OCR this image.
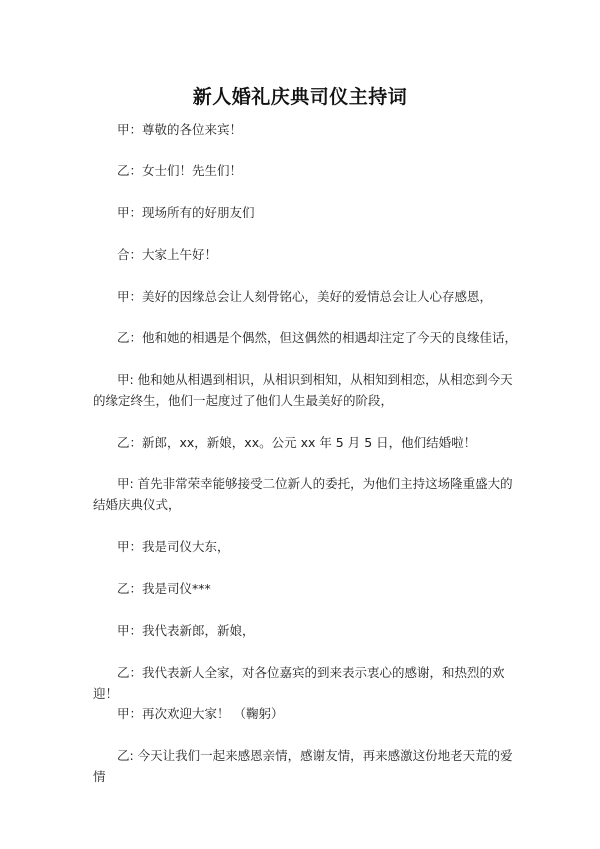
新人婚礼庆典司仪主持词

甲：尊敬的各位来宾！

乙：女士们！先生们！

甲：现场所有的好朋友们

合：大家上午好！

甲：美好的因缘总会让人刻骨铭心，美好的爱情总会让人心存感恩，

乙：他和她的相遇是个偶然，但这偶然的相遇却注定了今天的良缘佳话，

甲: 他和她从相遇到相识，从相识到相知，从相知到相恋，从相恋到今天的缘定终生，他们一起度过了他们人生最美好的阶段，

乙：新郎，xx，新娘，xx。公元 xx 年 5 月 5 日，他们结婚啦！

甲: 首先非常荣幸能够接受二位新人的委托，为他们主持这场隆重盛大的结婚庆典仪式，

甲：我是司仪大东，

乙：我是司仪***

甲：我代表新郎，新娘，

乙：我代表新人全家，对各位嘉宾的到来表示衷心的感谢，和热烈的欢迎！

甲：再次欢迎大家！ （鞠躬）

乙: 今天让我们一起来感恩亲情，感谢友情，再来感激这份地老天荒的爱情
